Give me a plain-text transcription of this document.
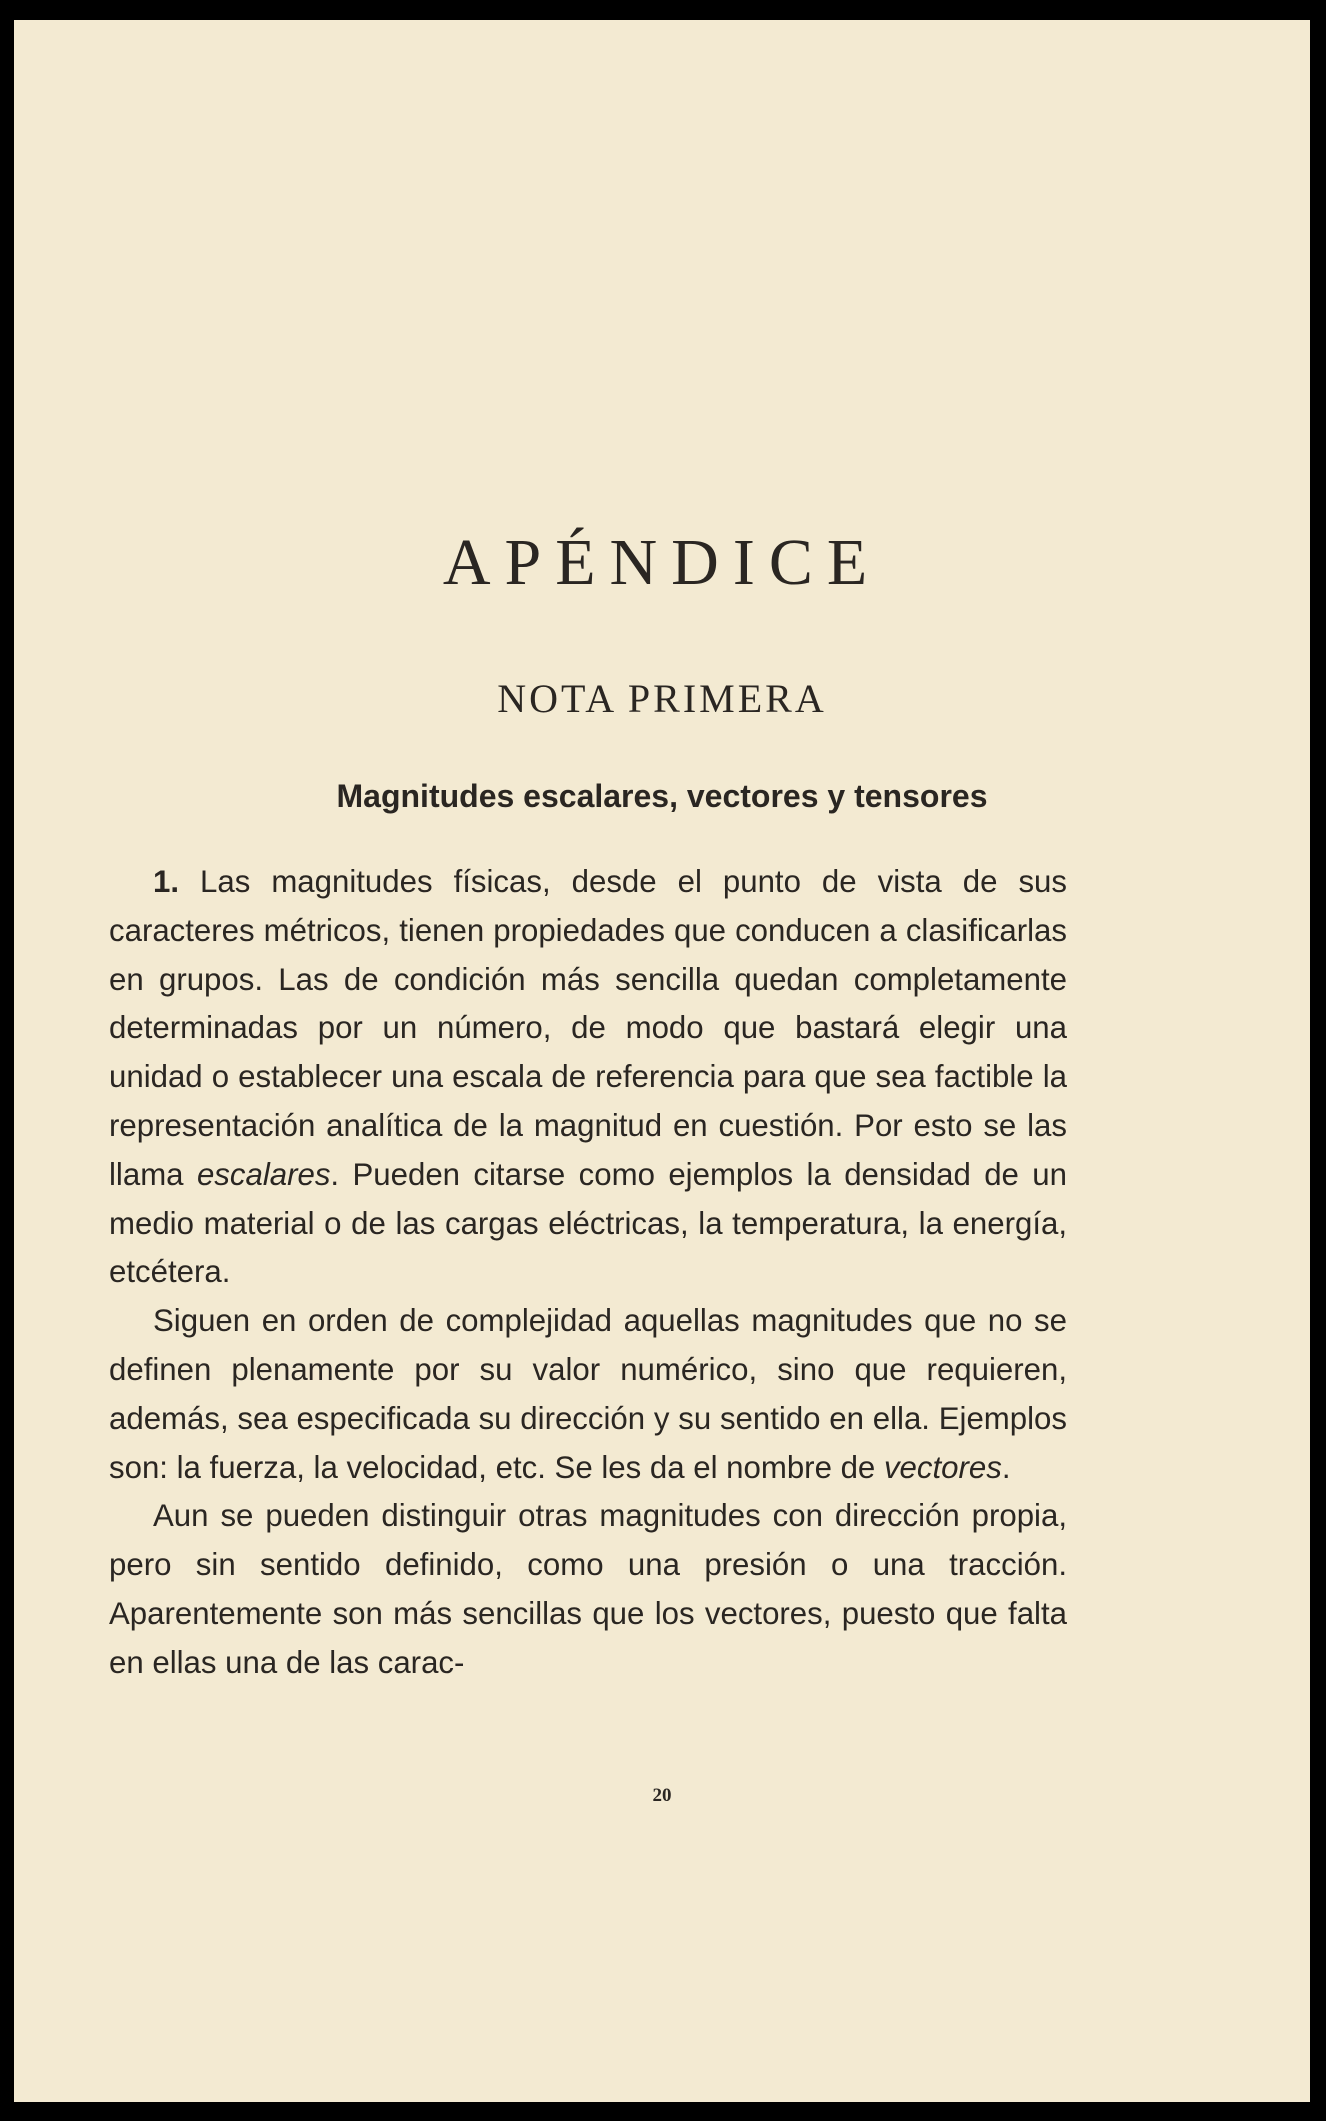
APÉNDICE
NOTA PRIMERA
Magnitudes escalares, vectores y tensores

1. Las magnitudes físicas, desde el punto de vista de sus caracteres métricos, tienen propiedades que conducen a clasificarlas en grupos. Las de condición más sencilla quedan completamente determinadas por un número, de modo que bastará elegir una unidad o establecer una escala de referencia para que sea factible la representación analítica de la magnitud en cuestión. Por esto se las llama escalares. Pueden citarse como ejemplos la densidad de un medio material o de las cargas eléctricas, la temperatura, la energía, etcétera.

Siguen en orden de complejidad aquellas magnitudes que no se definen plenamente por su valor numérico, sino que requieren, además, sea especificada su dirección y su sentido en ella. Ejemplos son: la fuerza, la velocidad, etc. Se les da el nombre de vectores.

Aun se pueden distinguir otras magnitudes con dirección propia, pero sin sentido definido, como una presión o una tracción. Aparentemente son más sencillas que los vectores, puesto que falta en ellas una de las carac-

20
